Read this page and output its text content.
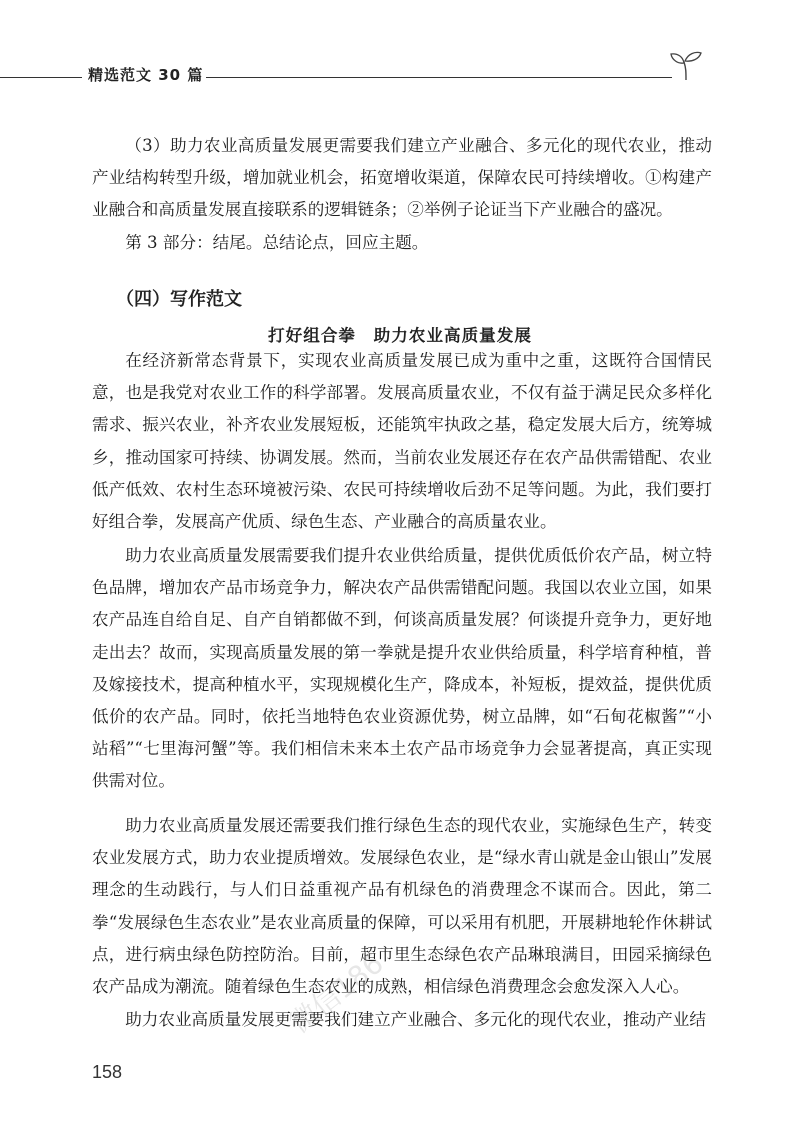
精选范文 30 篇

（3）助力农业高质量发展更需要我们建立产业融合、多元化的现代农业，推动产业结构转型升级，增加就业机会，拓宽增收渠道，保障农民可持续增收。①构建产业融合和高质量发展直接联系的逻辑链条；②举例子论证当下产业融合的盛况。

第 3 部分：结尾。总结论点，回应主题。

（四）写作范文
打好组合拳　助力农业高质量发展

在经济新常态背景下，实现农业高质量发展已成为重中之重，这既符合国情民意，也是我党对农业工作的科学部署。发展高质量农业，不仅有益于满足民众多样化需求、振兴农业，补齐农业发展短板，还能筑牢执政之基，稳定发展大后方，统筹城乡，推动国家可持续、协调发展。然而，当前农业发展还存在农产品供需错配、农业低产低效、农村生态环境被污染、农民可持续增收后劲不足等问题。为此，我们要打好组合拳，发展高产优质、绿色生态、产业融合的高质量农业。

助力农业高质量发展需要我们提升农业供给质量，提供优质低价农产品，树立特色品牌，增加农产品市场竞争力，解决农产品供需错配问题。我国以农业立国，如果农产品连自给自足、自产自销都做不到，何谈高质量发展？何谈提升竞争力，更好地走出去？故而，实现高质量发展的第一拳就是提升农业供给质量，科学培育种植，普及嫁接技术，提高种植水平，实现规模化生产，降成本，补短板，提效益，提供优质低价的农产品。同时，依托当地特色农业资源优势，树立品牌，如“石甸花椒酱”“小站稻”“七里海河蟹”等。我们相信未来本土农产品市场竞争力会显著提高，真正实现供需对位。

助力农业高质量发展还需要我们推行绿色生态的现代农业，实施绿色生产，转变农业发展方式，助力农业提质增效。发展绿色农业，是“绿水青山就是金山银山”发展理念的生动践行，与人们日益重视产品有机绿色的消费理念不谋而合。因此，第二拳“发展绿色生态农业”是农业高质量的保障，可以采用有机肥，开展耕地轮作休耕试点，进行病虫绿色防控防治。目前，超市里生态绿色农产品琳琅满目，田园采摘绿色农产品成为潮流。随着绿色生态农业的成熟，相信绿色消费理念会愈发深入人心。

助力农业高质量发展更需要我们建立产业融合、多元化的现代农业，推动产业结

微信186
158
